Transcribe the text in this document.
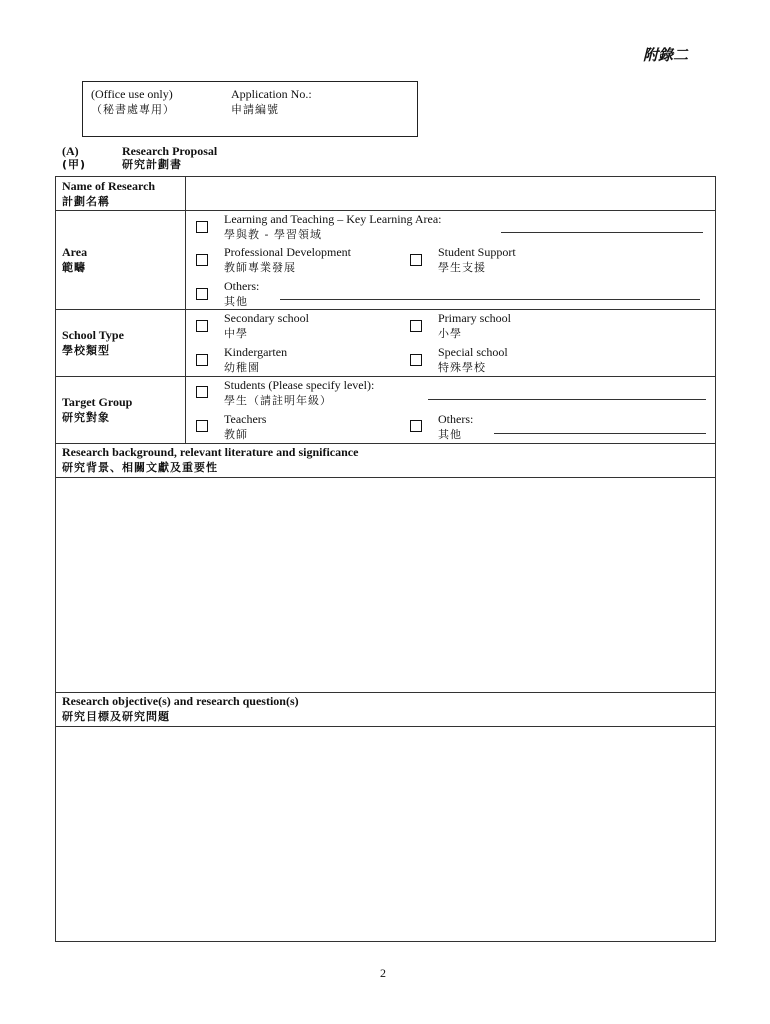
附錄二
(Office use only)
（秘書處專用）
Application No.:
申請編號
(A)	Research Proposal
(甲)	研究計劃書
Name of Research
計劃名稱
Area
範疇
Learning and Teaching – Key Learning Area:
學與教 - 學習領域
Professional Development
教師專業發展
Student Support
學生支援
Others:
其他
School Type
學校類型
Secondary school
中學
Primary school
小學
Kindergarten
幼稚園
Special school
特殊學校
Target Group
研究對象
Students (Please specify level):
學生（請註明年級）
Teachers
教師
Others:
其他
Research background, relevant literature and significance
研究背景、相關文獻及重要性
Research objective(s) and research question(s)
研究目標及研究問題
2
